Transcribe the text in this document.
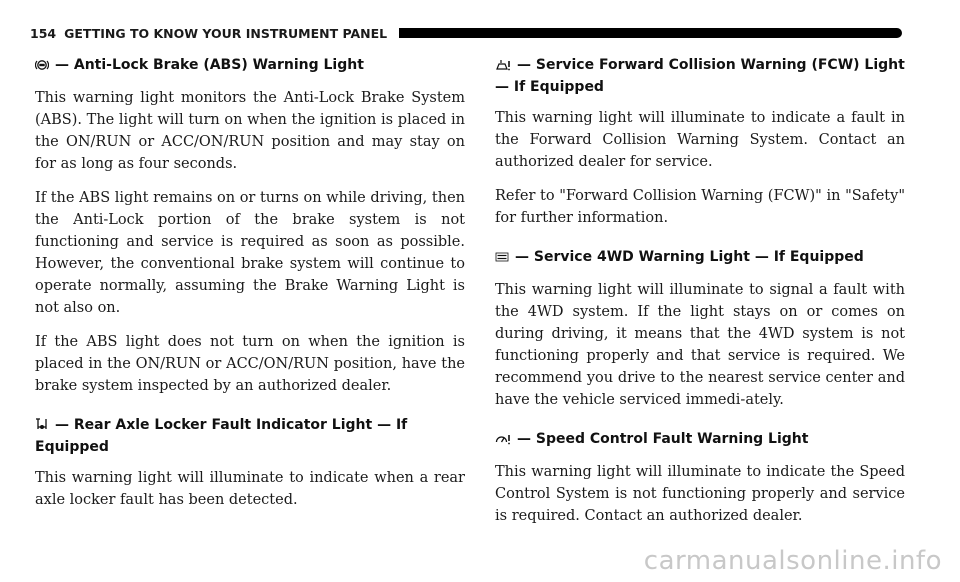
154 GETTING TO KNOW YOUR INSTRUMENT PANEL
— Anti-Lock Brake (ABS) Warning Light

This warning light monitors the Anti-Lock Brake System (ABS). The light will turn on when the ignition is placed in the ON/RUN or ACC/ON/RUN position and may stay on for as long as four seconds.

If the ABS light remains on or turns on while driving, then the Anti-Lock portion of the brake system is not functioning and service is required as soon as possible. However, the conventional brake system will continue to operate normally, assuming the Brake Warning Light is not also on.

If the ABS light does not turn on when the ignition is placed in the ON/RUN or ACC/ON/RUN position, have the brake system inspected by an authorized dealer.

— Rear Axle Locker Fault Indicator Light — If Equipped

This warning light will illuminate to indicate when a rear axle locker fault has been detected.

— Service Forward Collision Warning (FCW) Light — If Equipped

This warning light will illuminate to indicate a fault in the Forward Collision Warning System. Contact an authorized dealer for service.

Refer to "Forward Collision Warning (FCW)" in "Safety" for further information.

— Service 4WD Warning Light — If Equipped

This warning light will illuminate to signal a fault with the 4WD system. If the light stays on or comes on during driving, it means that the 4WD system is not functioning properly and that service is required. We recommend you drive to the nearest service center and have the vehicle serviced immedi-ately.

— Speed Control Fault Warning Light

This warning light will illuminate to indicate the Speed Control System is not functioning properly and service is required. Contact an authorized dealer.

carmanualsonline.info
